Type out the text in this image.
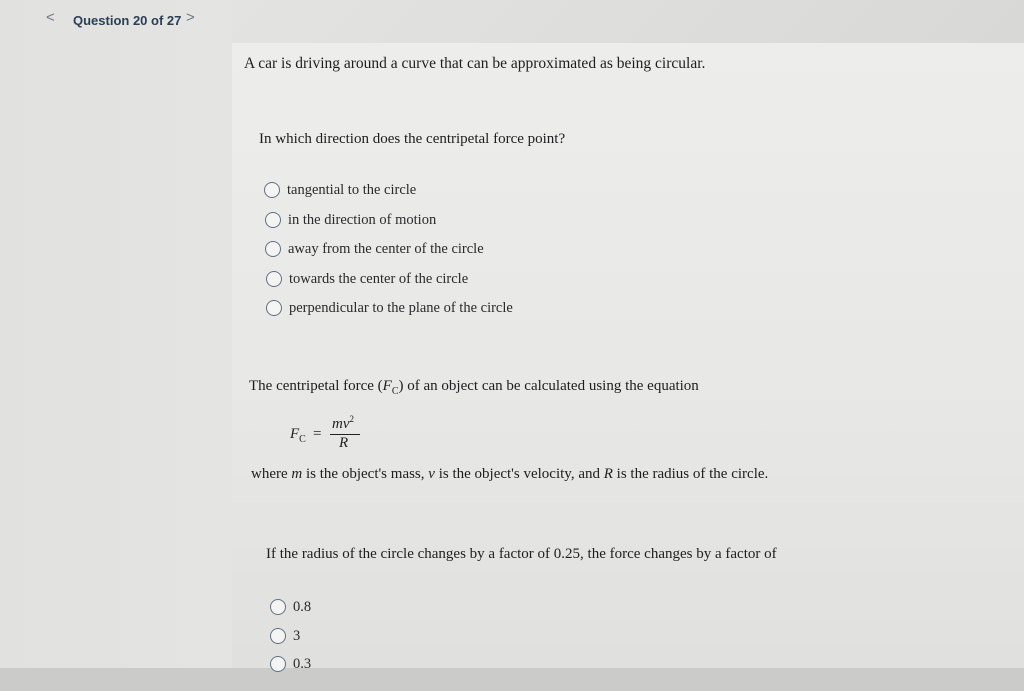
< Question 20 of 27 >
A car is driving around a curve that can be approximated as being circular.
In which direction does the centripetal force point?
tangential to the circle
in the direction of motion
away from the center of the circle
towards the center of the circle
perpendicular to the plane of the circle
The centripetal force $(F_C)$ of an object can be calculated using the equation
$F_C$ =
$mv^2$
R
where m is the object's mass, v is the object's velocity, and R is the radius of the circle.
If the radius of the circle changes by a factor of 0.25, the force changes by a factor of
0.8
3
0.3
